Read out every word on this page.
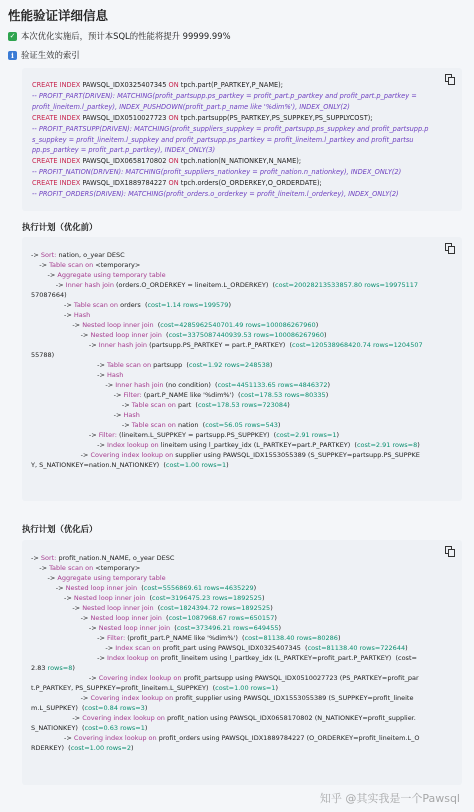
性能验证详细信息
✓ 本次优化实施后，预计本SQL的性能将提升 99999.99%
i 验证生效的索引
CREATE INDEX PAWSQL_IDX0325407345 ON tpch.part(P_PARTKEY,P_NAME);
-- PROFIT_PART(DRIVEN): MATCHING(profit_partsupp.ps_partkey = profit_part.p_partkey and profit_part.p_partkey =
profit_lineitem.l_partkey), INDEX_PUSHDOWN(profit_part.p_name like '%dim%'), INDEX_ONLY(2)
CREATE INDEX PAWSQL_IDX0510027723 ON tpch.partsupp(PS_PARTKEY,PS_SUPPKEY,PS_SUPPLYCOST);
-- PROFIT_PARTSUPP(DRIVEN): MATCHING(profit_suppliers_suppkey = profit_partsupp.ps_suppkey and profit_partsupp.p
s_suppkey = profit_lineitem.l_suppkey and profit_partsupp.ps_partkey = profit_lineitem.l_partkey and profit_partsu
pp.ps_partkey = profit_part.p_partkey), INDEX_ONLY(3)
CREATE INDEX PAWSQL_IDX0658170802 ON tpch.nation(N_NATIONKEY,N_NAME);
-- PROFIT_NATION(DRIVEN): MATCHING(profit_suppliers_nationkey = profit_nation.n_nationkey), INDEX_ONLY(2)
CREATE INDEX PAWSQL_IDX1889784227 ON tpch.orders(O_ORDERKEY,O_ORDERDATE);
-- PROFIT_ORDERS(DRIVEN): MATCHING(profit_orders.o_orderkey = profit_lineitem.l_orderkey), INDEX_ONLY(2)
执行计划（优化前）
-> Sort: nation, o_year DESC
-> Table scan on <temporary>
-> Aggregate using temporary table
-> Inner hash join (orders.O_ORDERKEY = lineitem.L_ORDERKEY)  (cost=20028213533857.80 rows=19975117
57087664)
-> Table scan on orders  (cost=1.14 rows=199579)
-> Hash
-> Nested loop inner join  (cost=4285962540701.49 rows=100086267960)
-> Nested loop inner join  (cost=3375087440939.53 rows=100086267960)
-> Inner hash join (partsupp.PS_PARTKEY = part.P_PARTKEY)  (cost=120538968420.74 rows=1204507
55788)
-> Table scan on partsupp  (cost=1.92 rows=248538)
-> Hash
-> Inner hash join (no condition)  (cost=4451133.65 rows=4846372)
-> Filter: (part.P_NAME like '%dim%')  (cost=178.53 rows=80335)
-> Table scan on part  (cost=178.53 rows=723084)
-> Hash
-> Table scan on nation  (cost=56.05 rows=543)
-> Filter: (lineitem.L_SUPPKEY = partsupp.PS_SUPPKEY)  (cost=2.91 rows=1)
-> Index lookup on lineitem using l_partkey_idx (L_PARTKEY=part.P_PARTKEY)  (cost=2.91 rows=8)
-> Covering index lookup on supplier using PAWSQL_IDX1553055389 (S_SUPPKEY=partsupp.PS_SUPPKE
Y, S_NATIONKEY=nation.N_NATIONKEY)  (cost=1.00 rows=1)
执行计划（优化后）
-> Sort: profit_nation.N_NAME, o_year DESC
-> Table scan on <temporary>
-> Aggregate using temporary table
-> Nested loop inner join  (cost=5556869.61 rows=4635229)
-> Nested loop inner join  (cost=3196475.23 rows=1892525)
-> Nested loop inner join  (cost=1824394.72 rows=1892525)
-> Nested loop inner join  (cost=1087968.67 rows=650157)
-> Nested loop inner join  (cost=373496.21 rows=649455)
-> Filter: (profit_part.P_NAME like '%dim%')  (cost=81138.40 rows=80286)
-> Index scan on profit_part using PAWSQL_IDX0325407345  (cost=81138.40 rows=722644)
-> Index lookup on profit_lineitem using l_partkey_idx (L_PARTKEY=profit_part.P_PARTKEY)  (cost=
2.83 rows=8)
-> Covering index lookup on profit_partsupp using PAWSQL_IDX0510027723 (PS_PARTKEY=profit_par
t.P_PARTKEY, PS_SUPPKEY=profit_lineitem.L_SUPPKEY)  (cost=1.00 rows=1)
-> Covering index lookup on profit_supplier using PAWSQL_IDX1553055389 (S_SUPPKEY=profit_lineite
m.L_SUPPKEY)  (cost=0.84 rows=3)
-> Covering index lookup on profit_nation using PAWSQL_IDX0658170802 (N_NATIONKEY=profit_supplier.
S_NATIONKEY)  (cost=0.63 rows=1)
-> Covering index lookup on profit_orders using PAWSQL_IDX1889784227 (O_ORDERKEY=profit_lineitem.L_O
RDERKEY)  (cost=1.00 rows=2)
知乎 @其实我是一个Pawsql
